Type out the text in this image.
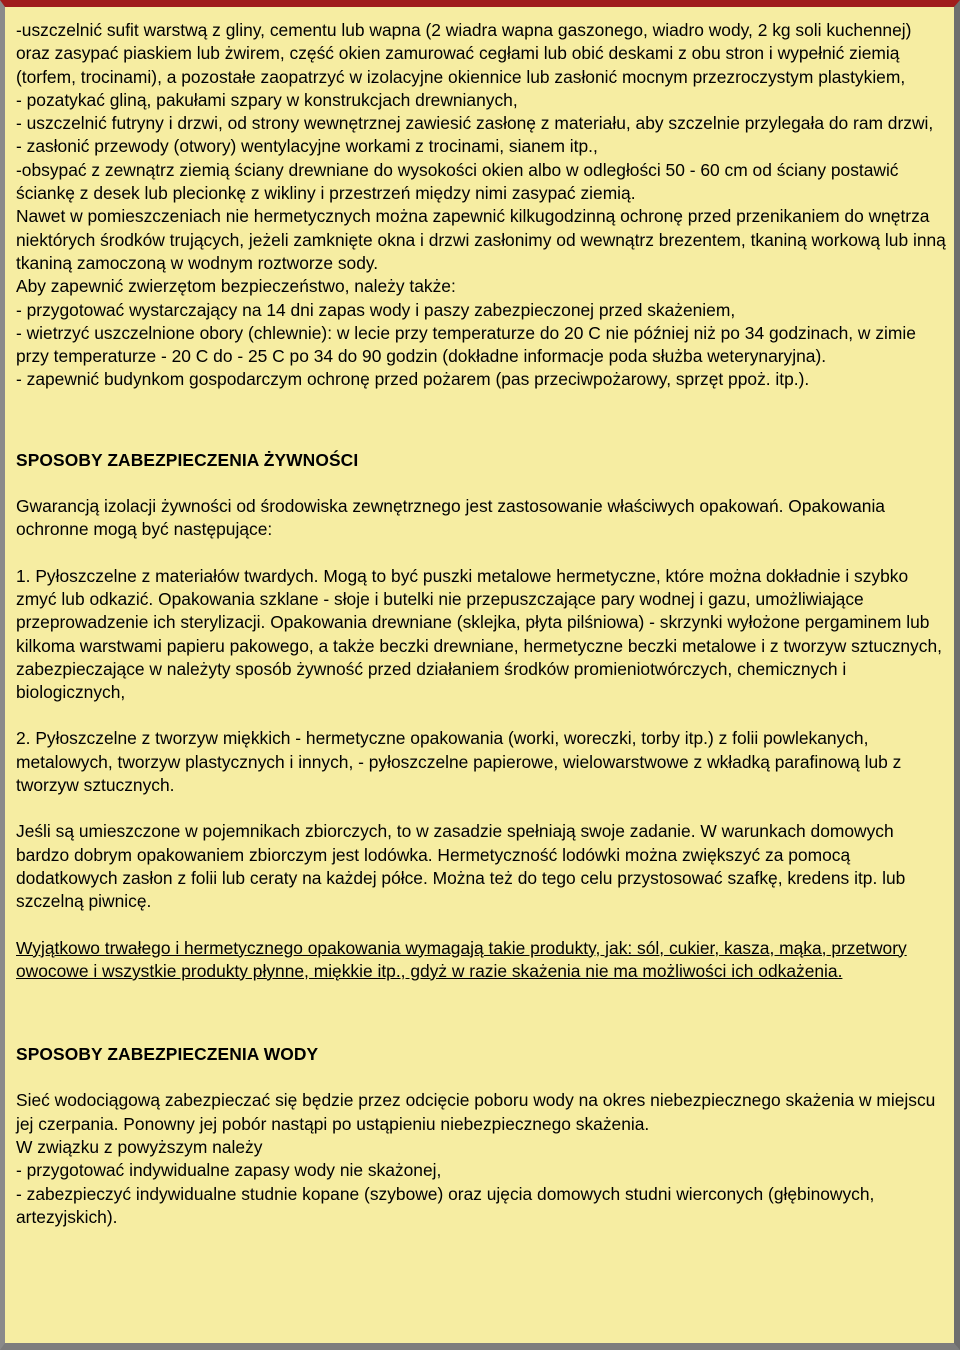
-uszczelnić sufit warstwą z gliny, cementu lub wapna (2 wiadra wapna gaszonego, wiadro wody, 2 kg soli kuchennej) oraz zasypać piaskiem lub żwirem, część okien zamurować cegłami lub obić deskami z obu stron i wypełnić ziemią (torfem, trocinami), a pozostałe zaopatrzyć w izolacyjne okiennice lub zasłonić mocnym przezroczystym plastykiem,

- pozatykać gliną, pakułami szpary w konstrukcjach drewnianych,

- uszczelnić futryny i drzwi, od strony wewnętrznej zawiesić zasłonę z materiału, aby szczelnie przylegała do ram drzwi,

- zasłonić przewody (otwory) wentylacyjne workami z trocinami, sianem itp.,

-obsypać z zewnątrz ziemią ściany drewniane do wysokości okien albo w odległości 50 - 60 cm od ściany postawić ściankę z desek lub plecionkę z wikliny i przestrzeń między nimi zasypać ziemią.

Nawet w pomieszczeniach nie hermetycznych można zapewnić kilkugodzinną ochronę przed przenikaniem do wnętrza niektórych środków trujących, jeżeli zamknięte okna i drzwi zasłonimy od wewnątrz brezentem, tkaniną workową lub inną tkaniną zamoczoną w wodnym roztworze sody.

Aby zapewnić zwierzętom bezpieczeństwo, należy także:

- przygotować wystarczający na 14 dni zapas wody i paszy zabezpieczonej przed skażeniem,

- wietrzyć uszczelnione obory (chlewnie): w lecie przy temperaturze do 20 C nie później niż po 34 godzinach, w zimie przy temperaturze - 20 C do - 25 C po 34 do 90 godzin (dokładne informacje poda służba weterynaryjna).

- zapewnić budynkom gospodarczym ochronę przed pożarem (pas przeciwpożarowy, sprzęt ppoż. itp.).

SPOSOBY ZABEZPIECZENIA ŻYWNOŚCI

Gwarancją izolacji żywności od środowiska zewnętrznego jest zastosowanie właściwych opakowań. Opakowania ochronne mogą być następujące:

1. Pyłoszczelne z materiałów twardych. Mogą to być puszki metalowe hermetyczne, które można dokładnie i szybko zmyć lub odkazić. Opakowania szklane - słoje i butelki nie przepuszczające pary wodnej i gazu, umożliwiające przeprowadzenie ich sterylizacji. Opakowania drewniane (sklejka, płyta pilśniowa) - skrzynki wyłożone pergaminem lub kilkoma warstwami papieru pakowego, a także beczki drewniane, hermetyczne beczki metalowe i z tworzyw sztucznych, zabezpieczające w należyty sposób żywność przed działaniem środków promieniotwórczych, chemicznych i biologicznych,

2. Pyłoszczelne z tworzyw miękkich - hermetyczne opakowania (worki, woreczki, torby itp.) z folii powlekanych, metalowych, tworzyw plastycznych i innych, - pyłoszczelne papierowe, wielowarstwowe z wkładką parafinową lub z tworzyw sztucznych.

Jeśli są umieszczone w pojemnikach zbiorczych, to w zasadzie spełniają swoje zadanie. W warunkach domowych bardzo dobrym opakowaniem zbiorczym jest lodówka. Hermetyczność lodówki można zwiększyć za pomocą dodatkowych zasłon z folii lub ceraty na każdej półce. Można też do tego celu przystosować szafkę, kredens itp. lub szczelną piwnicę.

Wyjątkowo trwałego i hermetycznego opakowania wymagają takie produkty, jak: sól, cukier, kasza, mąka, przetwory owocowe i wszystkie produkty płynne, miękkie itp., gdyż w razie skażenia nie ma możliwości ich odkażenia.

SPOSOBY ZABEZPIECZENIA WODY

Sieć wodociągową zabezpieczać się będzie przez odcięcie poboru wody na okres niebezpiecznego skażenia w miejscu jej czerpania. Ponowny jej pobór nastąpi po ustąpieniu niebezpiecznego skażenia.

W związku z powyższym należy

- przygotować indywidualne zapasy wody nie skażonej,

- zabezpieczyć indywidualne studnie kopane (szybowe) oraz ujęcia domowych studni wierconych (głębinowych, artezyjskich).
